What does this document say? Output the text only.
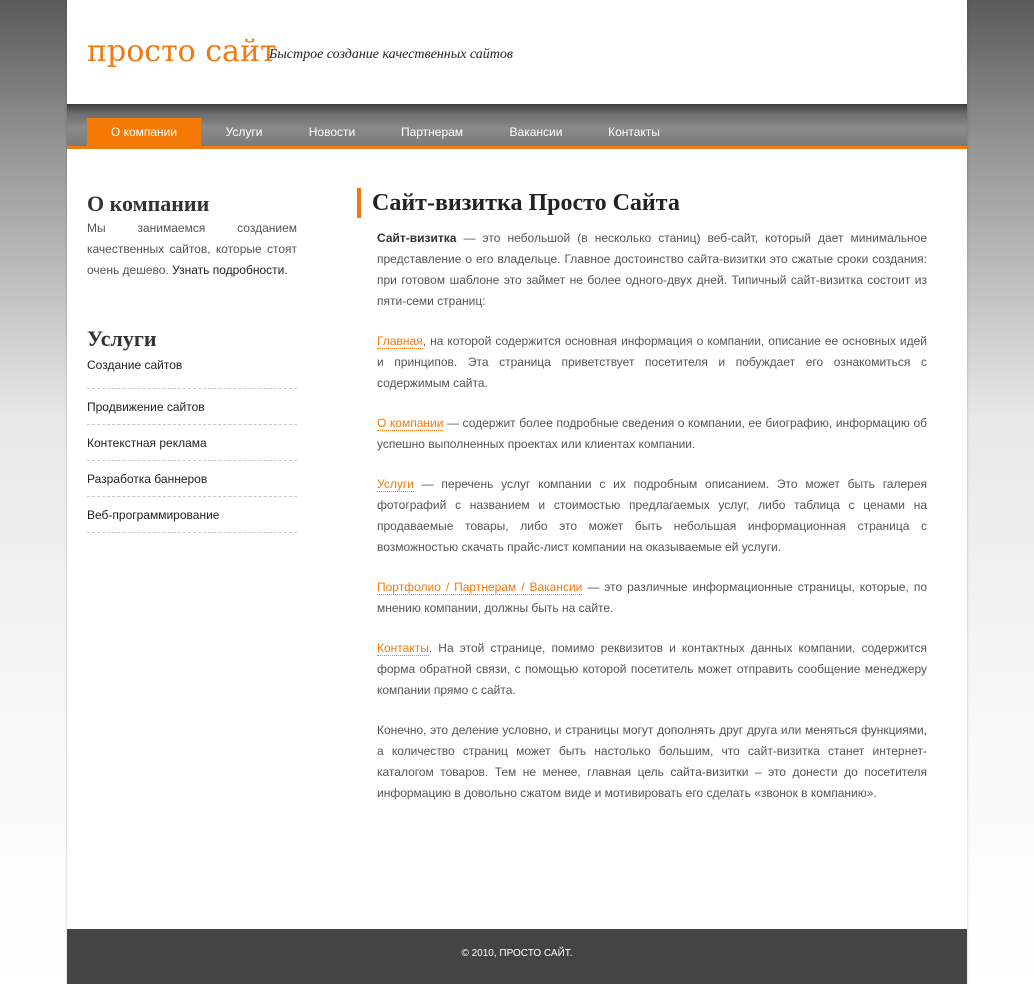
просто сайт
Быстрое создание качественных сайтов
О компании	Услуги	Новости	Партнерам	Вакансии	Контакты
О компании

Мы занимаемся созданием качественных сайтов, которые стоят очень дешево. Узнать подробности.

Услуги
Создание сайтов
Продвижение сайтов
Контекстная реклама
Разработка баннеров
Веб-программирование
Сайт-визитка Просто Сайта

Сайт-визитка — это небольшой (в несколько станиц) веб-сайт, который дает минимальное представление о его владельце. Главное достоинство сайта-визитки это сжатые сроки создания: при готовом шаблоне это займет не более одного-двух дней. Типичный сайт-визитка состоит из пяти-семи страниц:

Главная, на которой содержится основная информация о компании, описание ее основных идей и принципов. Эта страница приветствует посетителя и побуждает его ознакомиться с содержимым сайта.

О компании — содержит более подробные сведения о компании, ее биографию, информацию об успешно выполненных проектах или клиентах компании.

Услуги — перечень услуг компании с их подробным описанием. Это может быть галерея фотографий с названием и стоимостью предлагаемых услуг, либо таблица с ценами на продаваемые товары, либо это может быть небольшая информационная страница с возможностью скачать прайс-лист компании на оказываемые ей услуги.

Портфолио / Партнерам / Вакансии — это различные информационные страницы, которые, по мнению компании, должны быть на сайте.

Контакты. На этой странице, помимо реквизитов и контактных данных компании, содержится форма обратной связи, с помощью которой посетитель может отправить сообщение менеджеру компании прямо с сайта.

Конечно, это деление условно, и страницы могут дополнять друг друга или меняться функциями, а количество страниц может быть настолько большим, что сайт-визитка станет интернет-каталогом товаров. Тем не менее, главная цель сайта-визитки – это донести до посетителя информацию в довольно сжатом виде и мотивировать его сделать «звонок в компанию».

© 2010, ПРОСТО САЙТ.
